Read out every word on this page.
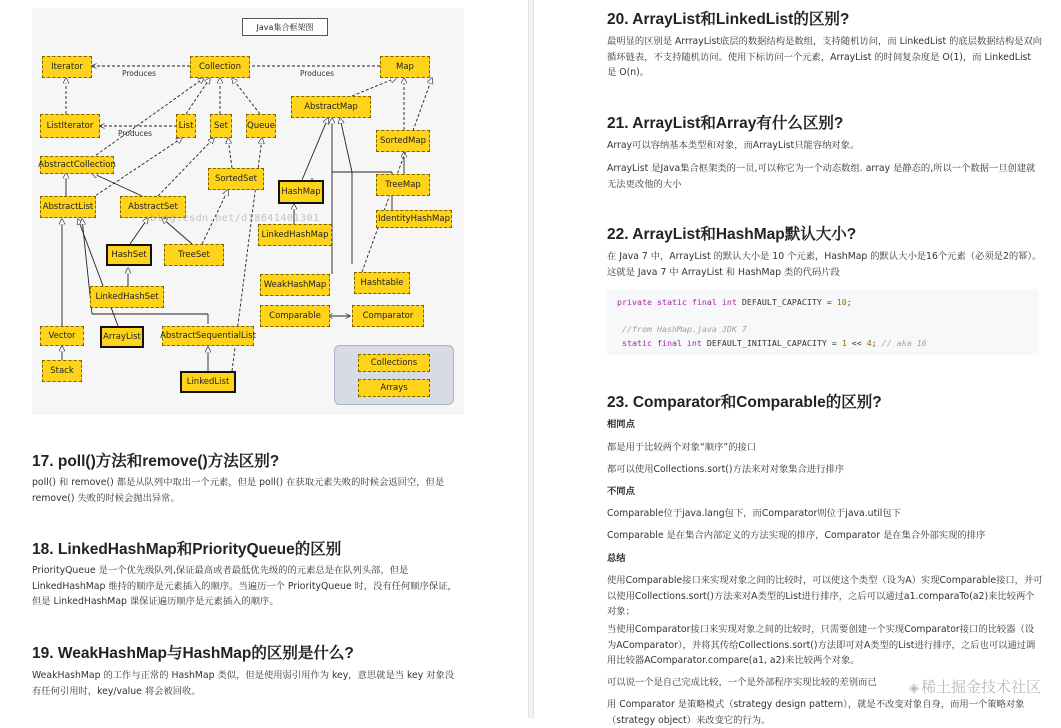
Java集合框架图
Produces	Produces
Produces
Iterator	Collection	Map
ListIterator	List	Set	Queue
AbstractMap
SortedMap
AbstractCollection
SortedSet
HashMap
TreeMap
AbstractList	AbstractSet
IdentityHashMap
LinkedHashMap
HashSet	TreeSet
WeakHashMap	Hashtable
LinkedHashSet
Comparable	Comparator
Vector	ArrayList	AbstractSequentialList
Stack
LinkedList
Collections
Arrays
blog.csdn.net/d18641401301
17. poll()方法和remove()方法区别?

poll() 和 remove() 都是从队列中取出一个元素，但是 poll() 在获取元素失败的时候会返回空，但是 remove() 失败的时候会抛出异常。

18. LinkedHashMap和PriorityQueue的区别

PriorityQueue 是一个优先级队列,保证最高或者最低优先级的的元素总是在队列头部，但是 LinkedHashMap 维持的顺序是元素插入的顺序。当遍历一个 PriorityQueue 时，没有任何顺序保证，但是 LinkedHashMap 课保证遍历顺序是元素插入的顺序。

19. WeakHashMap与HashMap的区别是什么?

WeakHashMap 的工作与正常的 HashMap 类似，但是使用弱引用作为 key，意思就是当 key 对象没有任何引用时，key/value 将会被回收。

20. ArrayList和LinkedList的区别?

最明显的区别是 ArrrayList底层的数据结构是数组，支持随机访问，而 LinkedList 的底层数据结构是双向循环链表，不支持随机访问。使用下标访问一个元素，ArrayList 的时间复杂度是 O(1)，而 LinkedList 是 O(n)。

21. ArrayList和Array有什么区别?

Array可以容纳基本类型和对象，而ArrayList只能容纳对象。

ArrayList 是Java集合框架类的一员,可以称它为一个动态数组. array 是静态的,所以一个数据一旦创建就无法更改他的大小

22. ArrayList和HashMap默认大小?

在 Java 7 中，ArrayList 的默认大小是 10 个元素，HashMap 的默认大小是16个元素（必须是2的幂）。这就是 Java 7 中 ArrayList 和 HashMap 类的代码片段

private static final int DEFAULT_CAPACITY = 10;

//from HashMap.java JDK 7
static final int DEFAULT_INITIAL_CAPACITY = 1 << 4; // aka 16
23. Comparator和Comparable的区别?

相同点

都是用于比较两个对象“顺序”的接口

都可以使用Collections.sort()方法来对对象集合进行排序

不同点

Comparable位于java.lang包下，而Comparator则位于java.util包下

Comparable 是在集合内部定义的方法实现的排序，Comparator 是在集合外部实现的排序

总结

使用Comparable接口来实现对象之间的比较时，可以使这个类型（设为A）实现Comparable接口，并可以使用Collections.sort()方法来对A类型的List进行排序，之后可以通过a1.comparaTo(a2)来比较两个对象；

当使用Comparator接口来实现对象之间的比较时，只需要创建一个实现Comparator接口的比较器（设为AComparator），并将其传给Collections.sort()方法即可对A类型的List进行排序，之后也可以通过调用比较器AComparator.compare(a1, a2)来比较两个对象。

可以说一个是自己完成比较，一个是外部程序实现比较的差别而已

用 Comparator 是策略模式（strategy design pattern），就是不改变对象自身，而用一个策略对象（strategy object）来改变它的行为。

◈ 稀土掘金技术社区
